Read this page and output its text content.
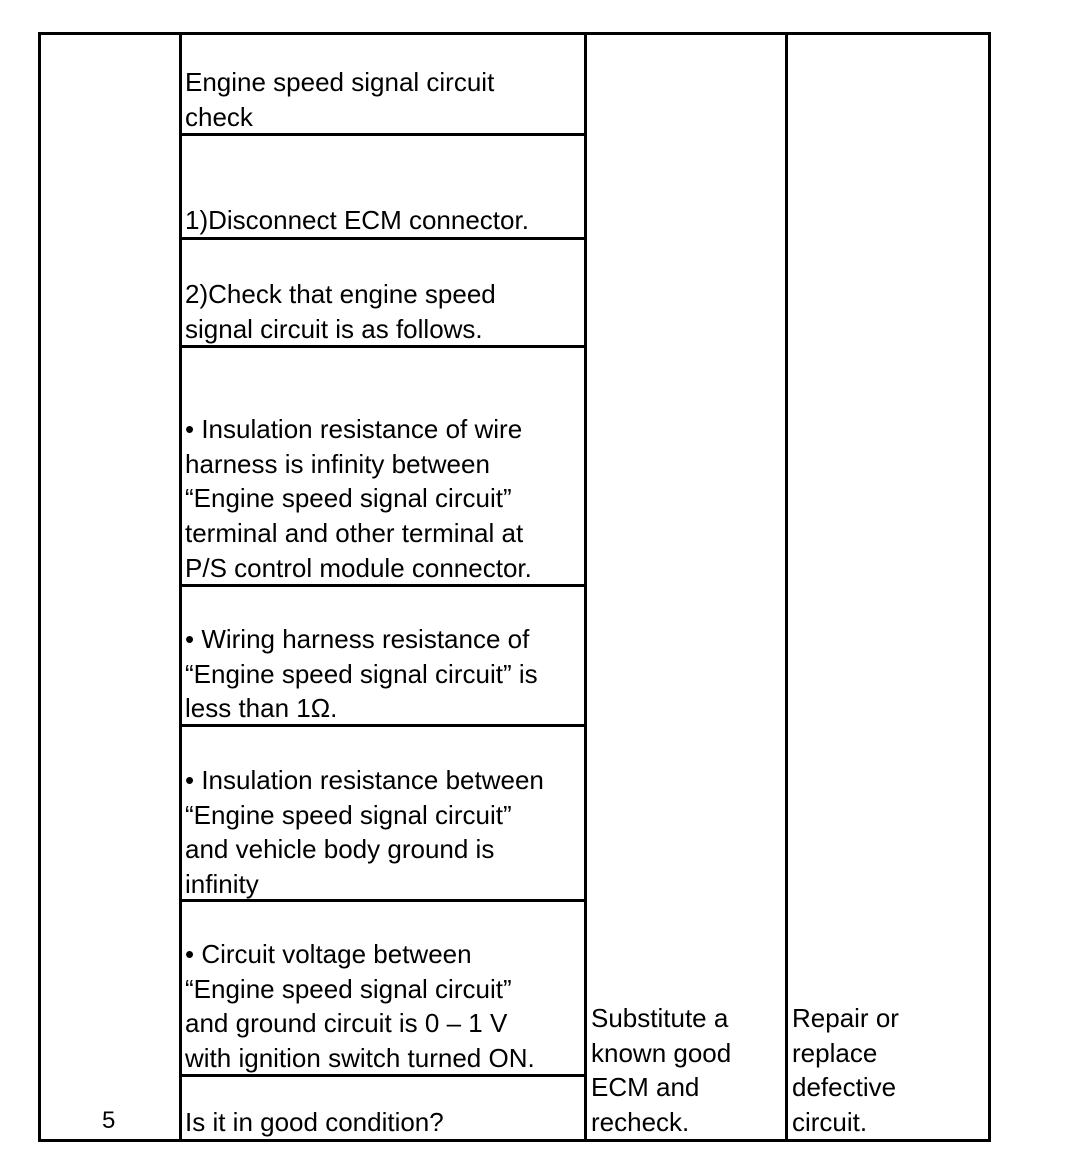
5
Engine speed signal circuit
check
1)Disconnect ECM connector.
2)Check that engine speed
signal circuit is as follows.
• Insulation resistance of wire
harness is infinity between
“Engine speed signal circuit”
terminal and other terminal at
P/S control module connector.
• Wiring harness resistance of
“Engine speed signal circuit” is
less than 1Ω.
• Insulation resistance between
“Engine speed signal circuit”
and vehicle body ground is
infinity
• Circuit voltage between
“Engine speed signal circuit”
and ground circuit is 0 – 1 V
with ignition switch turned ON.
Is it in good condition?
Substitute a
known good
ECM and
recheck.
Repair or
replace
defective
circuit.
